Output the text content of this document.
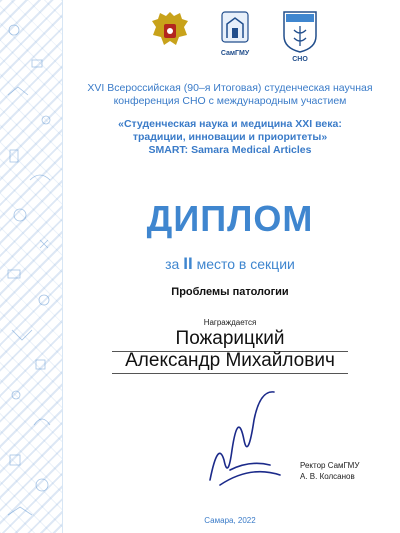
СамГМУ
СНО
XVI Всероссийская (90–я Итоговая) студенческая научная
конференция СНО с международным участием
«Студенческая наука и медицина XXI века:
традиции, инновации и приоритеты»
SMART: Samara Medical Articles
ДИПЛОМ
за II место в секции
Проблемы патологии
Награждается
Пожарицкий
Александр Михайлович
Ректор СамГМУ
А. В. Колсанов
Самара, 2022
